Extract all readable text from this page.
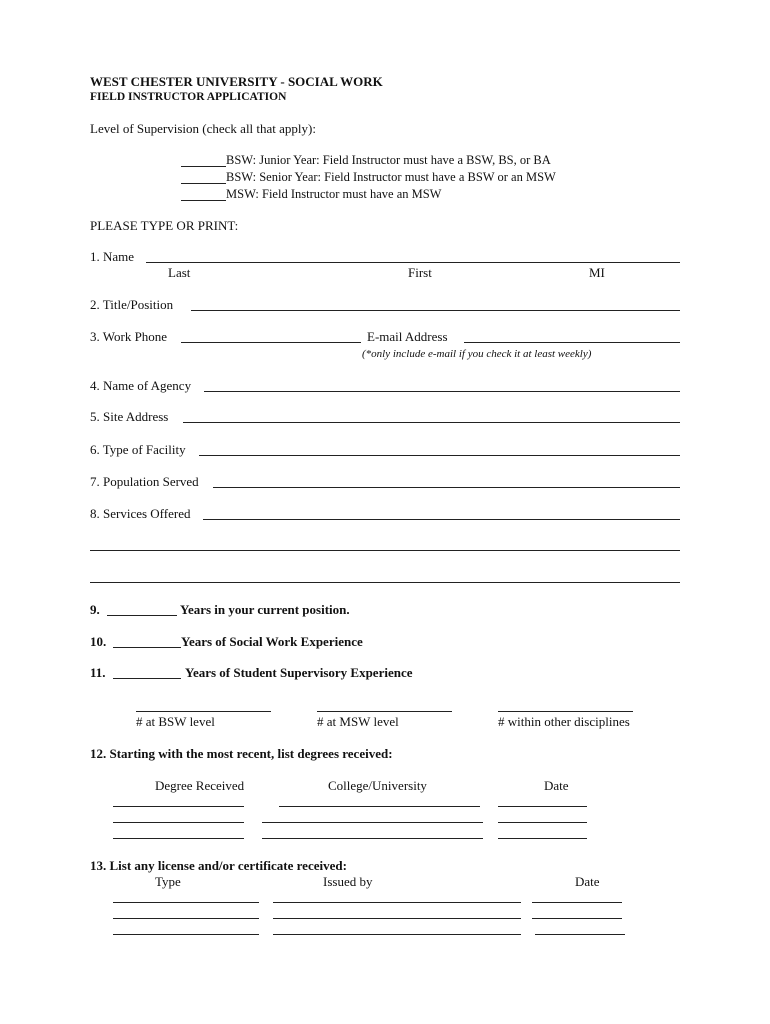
WEST CHESTER UNIVERSITY - SOCIAL WORK
FIELD INSTRUCTOR APPLICATION
Level of Supervision (check all that apply):
BSW: Junior Year: Field Instructor must have a BSW, BS, or BA
BSW: Senior Year: Field Instructor must have a BSW or an MSW
MSW: Field Instructor must have an MSW
PLEASE TYPE OR PRINT:
1. Name
Last	First	MI
2. Title/Position
3. Work Phone	E-mail Address
(*only include e-mail if you check it at least weekly)
4. Name of Agency
5. Site Address
6. Type of Facility
7. Population Served
8. Services Offered
9.	Years in your current position.
10.	Years of Social Work Experience
11.	Years of Student Supervisory Experience
# at BSW level	# at MSW level	# within other disciplines
12. Starting with the most recent, list degrees received:
Degree Received	College/University	Date
13. List any license and/or certificate received:
Type	Issued by	Date
